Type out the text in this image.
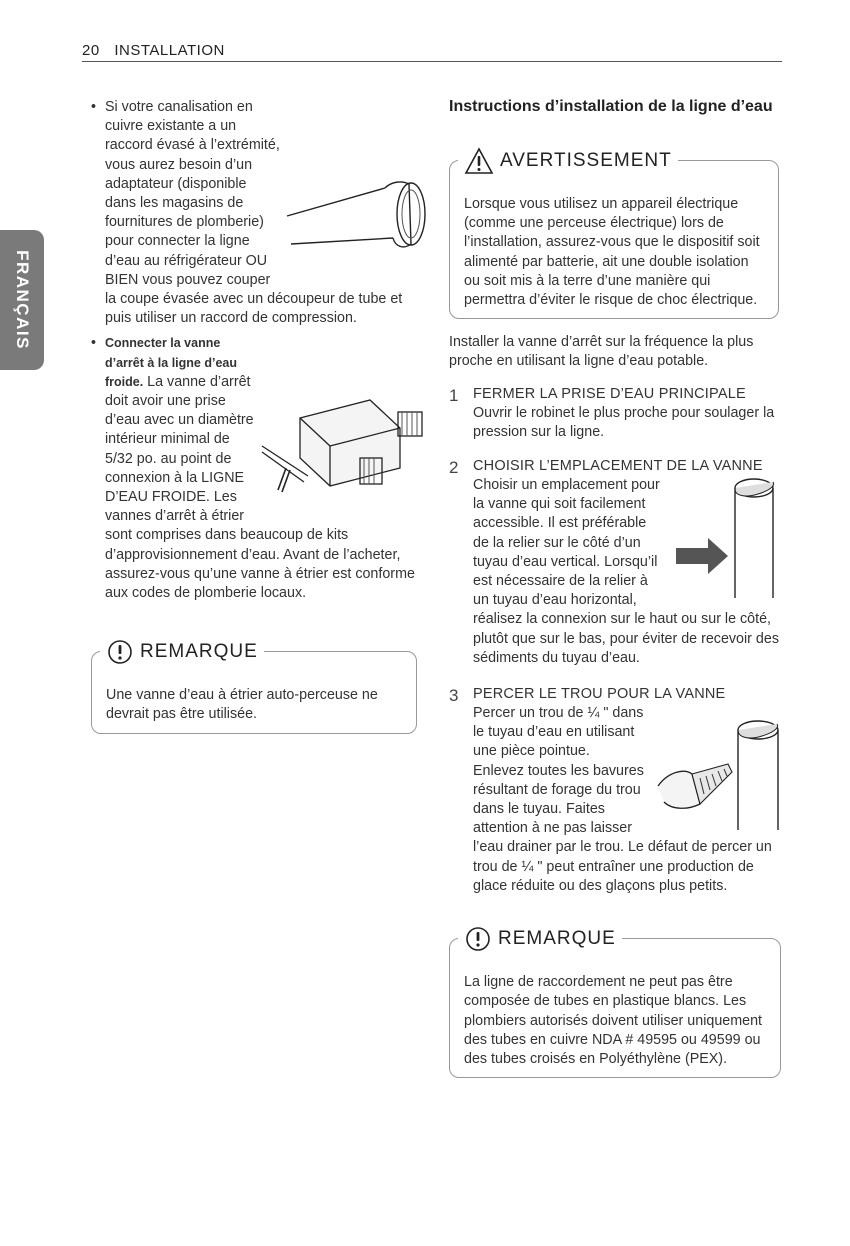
20 INSTALLATION
FRANÇAIS
• Si votre canalisation en cuivre existante a un raccord évasé à l’extrémité, vous aurez besoin d’un adaptateur (disponible dans les magasins de fournitures de plomberie) pour connecter la ligne d’eau au réfrigérateur OU BIEN vous pouvez couper la coupe évasée avec un découpeur de tube et puis utiliser un raccord de compression.
• Connecter la vanne d’arrêt à la ligne d’eau froide. La vanne d’arrêt doit avoir une prise d’eau avec un diamètre intérieur minimal de 5/32 po. au point de connexion à la LIGNE D’EAU FROIDE. Les vannes d’arrêt à étrier sont comprises dans beaucoup de kits d’approvisionnement d’eau. Avant de l’acheter, assurez-vous qu’une vanne à étrier est conforme aux codes de plomberie locaux.
REMARQUE
Une vanne d’eau à étrier auto-perceuse ne devrait pas être utilisée.
Instructions d’installation de la ligne d’eau
AVERTISSEMENT
Lorsque vous utilisez un appareil électrique (comme une perceuse électrique) lors de l’installation, assurez-vous que le dispositif soit alimenté par batterie, ait une double isolation ou soit mis à la terre d’une manière qui permettra d’éviter le risque de choc électrique.
Installer la vanne d’arrêt sur la fréquence la plus proche en utilisant la ligne d’eau potable.
1 FERMER LA PRISE D’EAU PRINCIPALE
Ouvrir le robinet le plus proche pour soulager la pression sur la ligne.
2 CHOISIR L’EMPLACEMENT DE LA VANNE
Choisir un emplacement pour la vanne qui soit facilement accessible. Il est préférable de la relier sur le côté d’un tuyau d’eau vertical. Lorsqu’il est nécessaire de la relier à un tuyau d’eau horizontal, réalisez la connexion sur le haut ou sur le côté, plutôt que sur le bas, pour éviter de recevoir des sédiments du tuyau d’eau.
3 PERCER LE TROU POUR LA VANNE
Percer un trou de ¼ " dans le tuyau d’eau en utilisant une pièce pointue. Enlevez toutes les bavures résultant de forage du trou dans le tuyau. Faites attention à ne pas laisser l’eau drainer par le trou. Le défaut de percer un trou de ¼ " peut entraîner une production de glace réduite ou des glaçons plus petits.
REMARQUE
La ligne de raccordement ne peut pas être composée de tubes en plastique blancs. Les plombiers autorisés doivent utiliser uniquement des tubes en cuivre NDA # 49595 ou 49599 ou des tubes croisés en Polyéthylène (PEX).
